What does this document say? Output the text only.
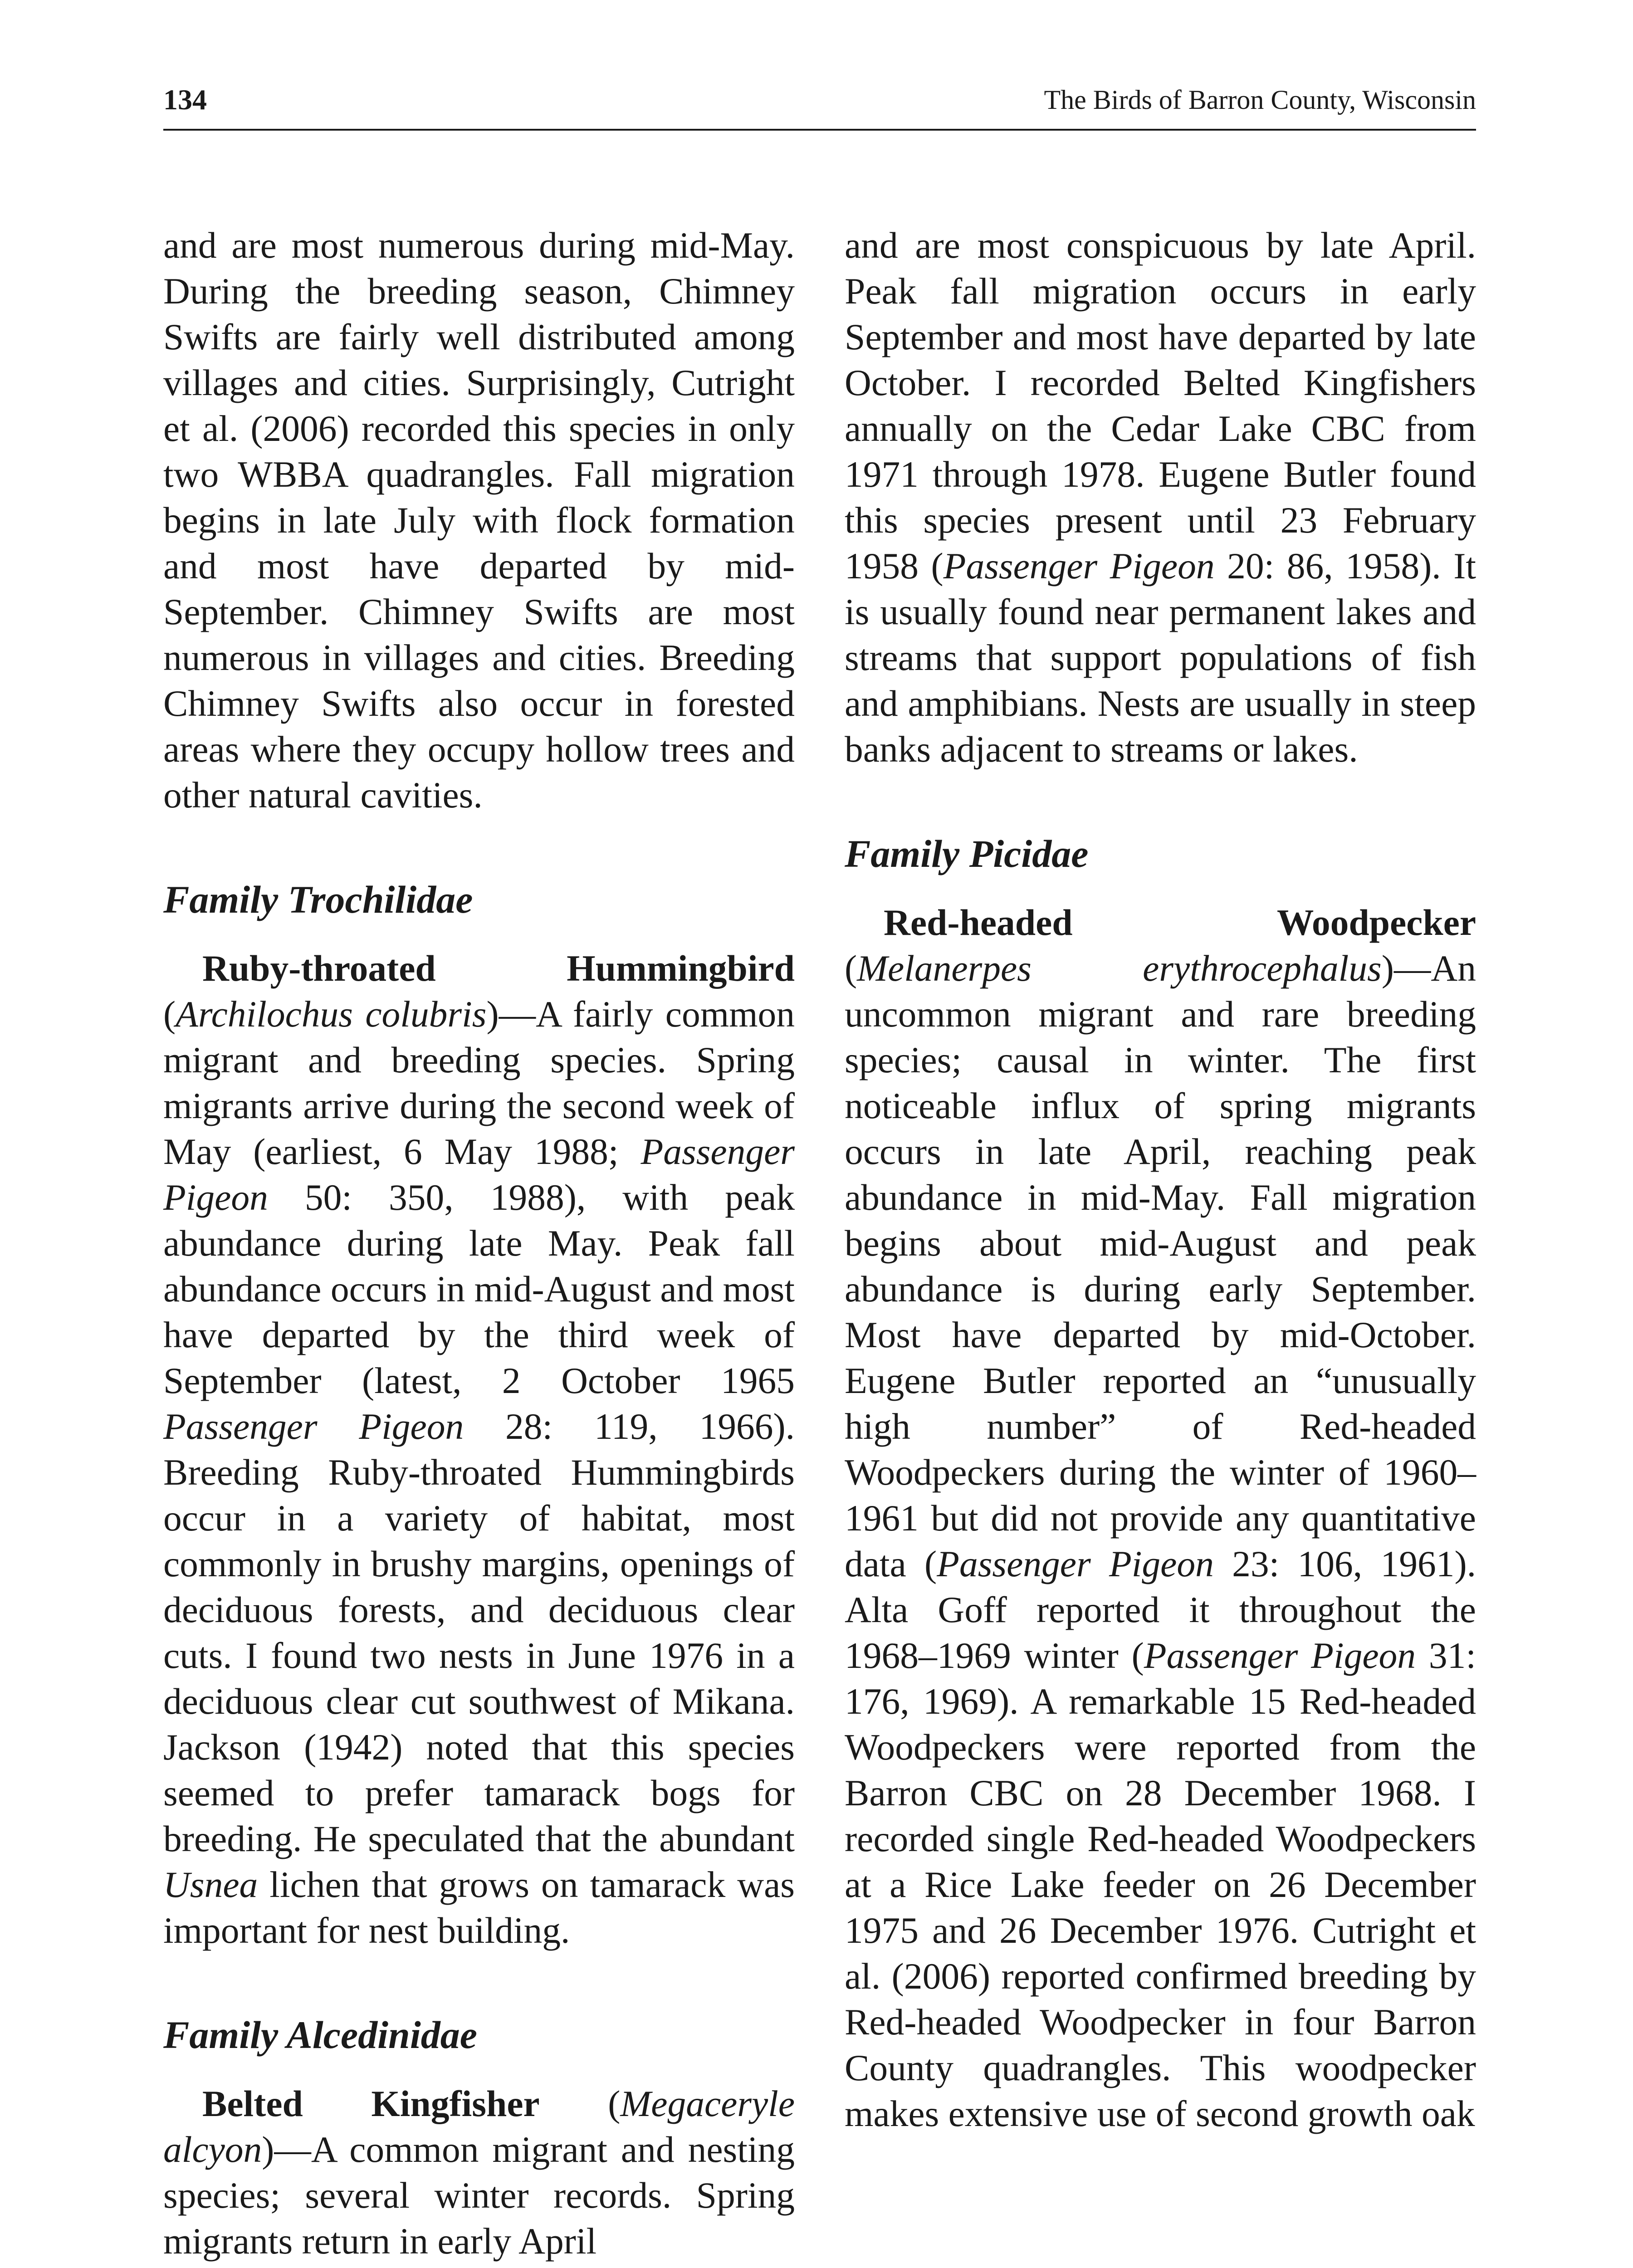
134	The Birds of Barron County, Wisconsin

and are most numerous during mid-May. During the breeding season, Chimney Swifts are fairly well distributed among villages and cities. Surprisingly, Cutright et al. (2006) recorded this species in only two WBBA quadrangles. Fall migration begins in late July with flock formation and most have departed by mid-September. Chimney Swifts are most numerous in villages and cities. Breeding Chimney Swifts also occur in forested areas where they occupy hollow trees and other natural cavities.

Family Trochilidae

Ruby-throated Hummingbird (Archilochus colubris)—A fairly common migrant and breeding species. Spring migrants arrive during the second week of May (earliest, 6 May 1988; Passenger Pigeon 50: 350, 1988), with peak abundance during late May. Peak fall abundance occurs in mid-August and most have departed by the third week of September (latest, 2 October 1965 Passenger Pigeon 28: 119, 1966). Breeding Ruby-throated Hummingbirds occur in a variety of habitat, most commonly in brushy margins, openings of deciduous forests, and deciduous clear cuts. I found two nests in June 1976 in a deciduous clear cut southwest of Mikana. Jackson (1942) noted that this species seemed to prefer tamarack bogs for breeding. He speculated that the abundant Usnea lichen that grows on tamarack was important for nest building.

Family Alcedinidae

Belted Kingfisher (Megaceryle alcyon)—A common migrant and nesting species; several winter records. Spring migrants return in early April

and are most conspicuous by late April. Peak fall migration occurs in early September and most have departed by late October. I recorded Belted Kingfishers annually on the Cedar Lake CBC from 1971 through 1978. Eugene Butler found this species present until 23 February 1958 (Passenger Pigeon 20: 86, 1958). It is usually found near permanent lakes and streams that support populations of fish and amphibians. Nests are usually in steep banks adjacent to streams or lakes.

Family Picidae

Red-headed Woodpecker (Melanerpes erythrocephalus)—An uncommon migrant and rare breeding species; causal in winter. The first noticeable influx of spring migrants occurs in late April, reaching peak abundance in mid-May. Fall migration begins about mid-August and peak abundance is during early September. Most have departed by mid-October. Eugene Butler reported an “unusually high number” of Red-headed Woodpeckers during the winter of 1960–1961 but did not provide any quantitative data (Passenger Pigeon 23: 106, 1961). Alta Goff reported it throughout the 1968–1969 winter (Passenger Pigeon 31: 176, 1969). A remarkable 15 Red-headed Woodpeckers were reported from the Barron CBC on 28 December 1968. I recorded single Red-headed Woodpeckers at a Rice Lake feeder on 26 December 1975 and 26 December 1976. Cutright et al. (2006) reported confirmed breeding by Red-headed Woodpecker in four Barron County quadrangles. This woodpecker makes extensive use of second growth oak
